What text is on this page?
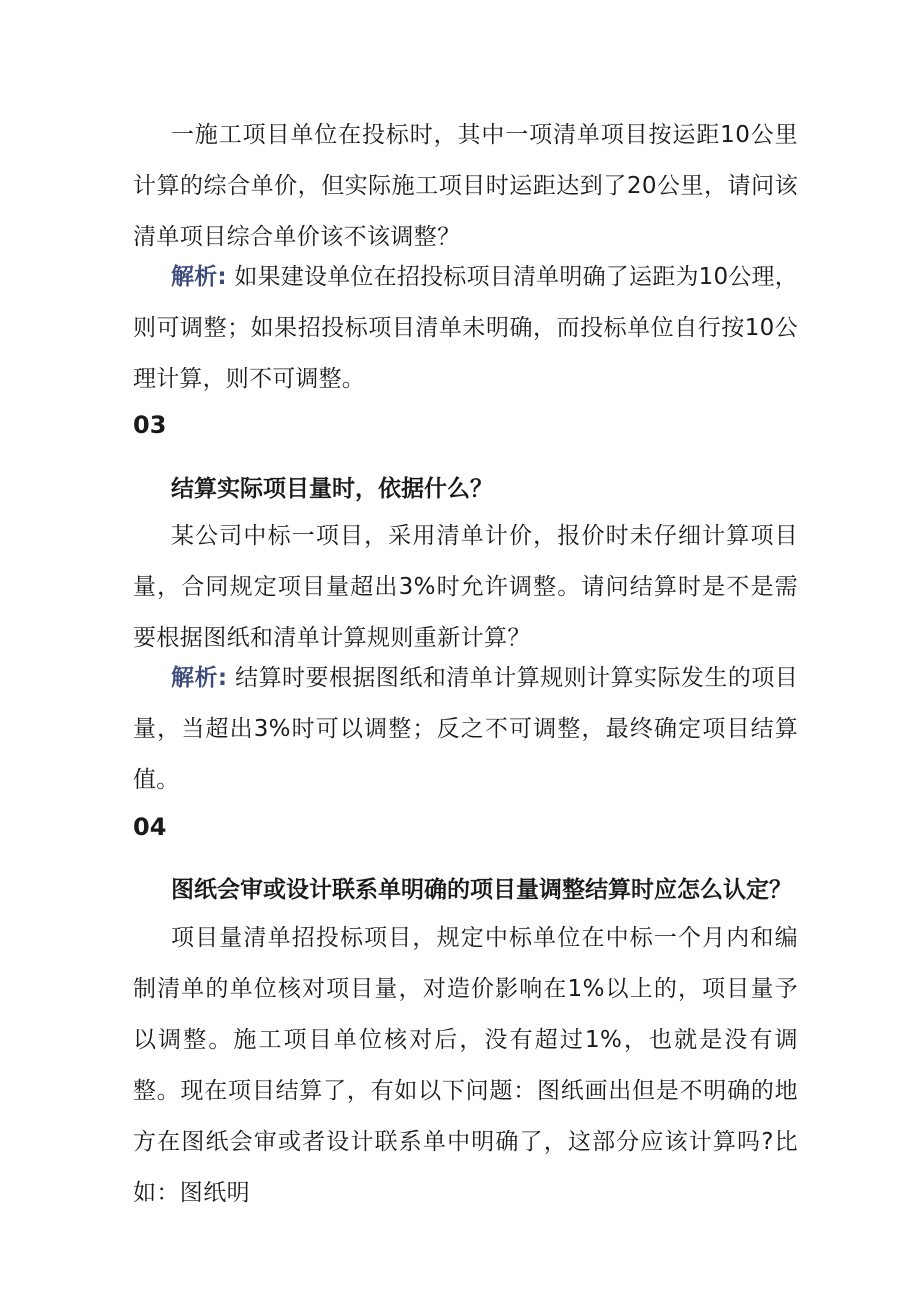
一施工项目单位在投标时，其中一项清单项目按运距10公里计算的综合单价，但实际施工项目时运距达到了20公里，请问该清单项目综合单价该不该调整？

解析: 如果建设单位在招投标项目清单明确了运距为10公理，则可调整；如果招投标项目清单未明确，而投标单位自行按10公理计算，则不可调整。

03
结算实际项目量时，依据什么？

某公司中标一项目，采用清单计价，报价时未仔细计算项目量，合同规定项目量超出3%时允许调整。请问结算时是不是需要根据图纸和清单计算规则重新计算？

解析: 结算时要根据图纸和清单计算规则计算实际发生的项目量，当超出3%时可以调整；反之不可调整，最终确定项目结算值。

04
图纸会审或设计联系单明确的项目量调整结算时应怎么认定？

项目量清单招投标项目，规定中标单位在中标一个月内和编制清单的单位核对项目量，对造价影响在1%以上的，项目量予以调整。施工项目单位核对后，没有超过1%，也就是没有调整。现在项目结算了，有如以下问题：图纸画出但是不明确的地方在图纸会审或者设计联系单中明确了，这部分应该计算吗?比如：图纸明
